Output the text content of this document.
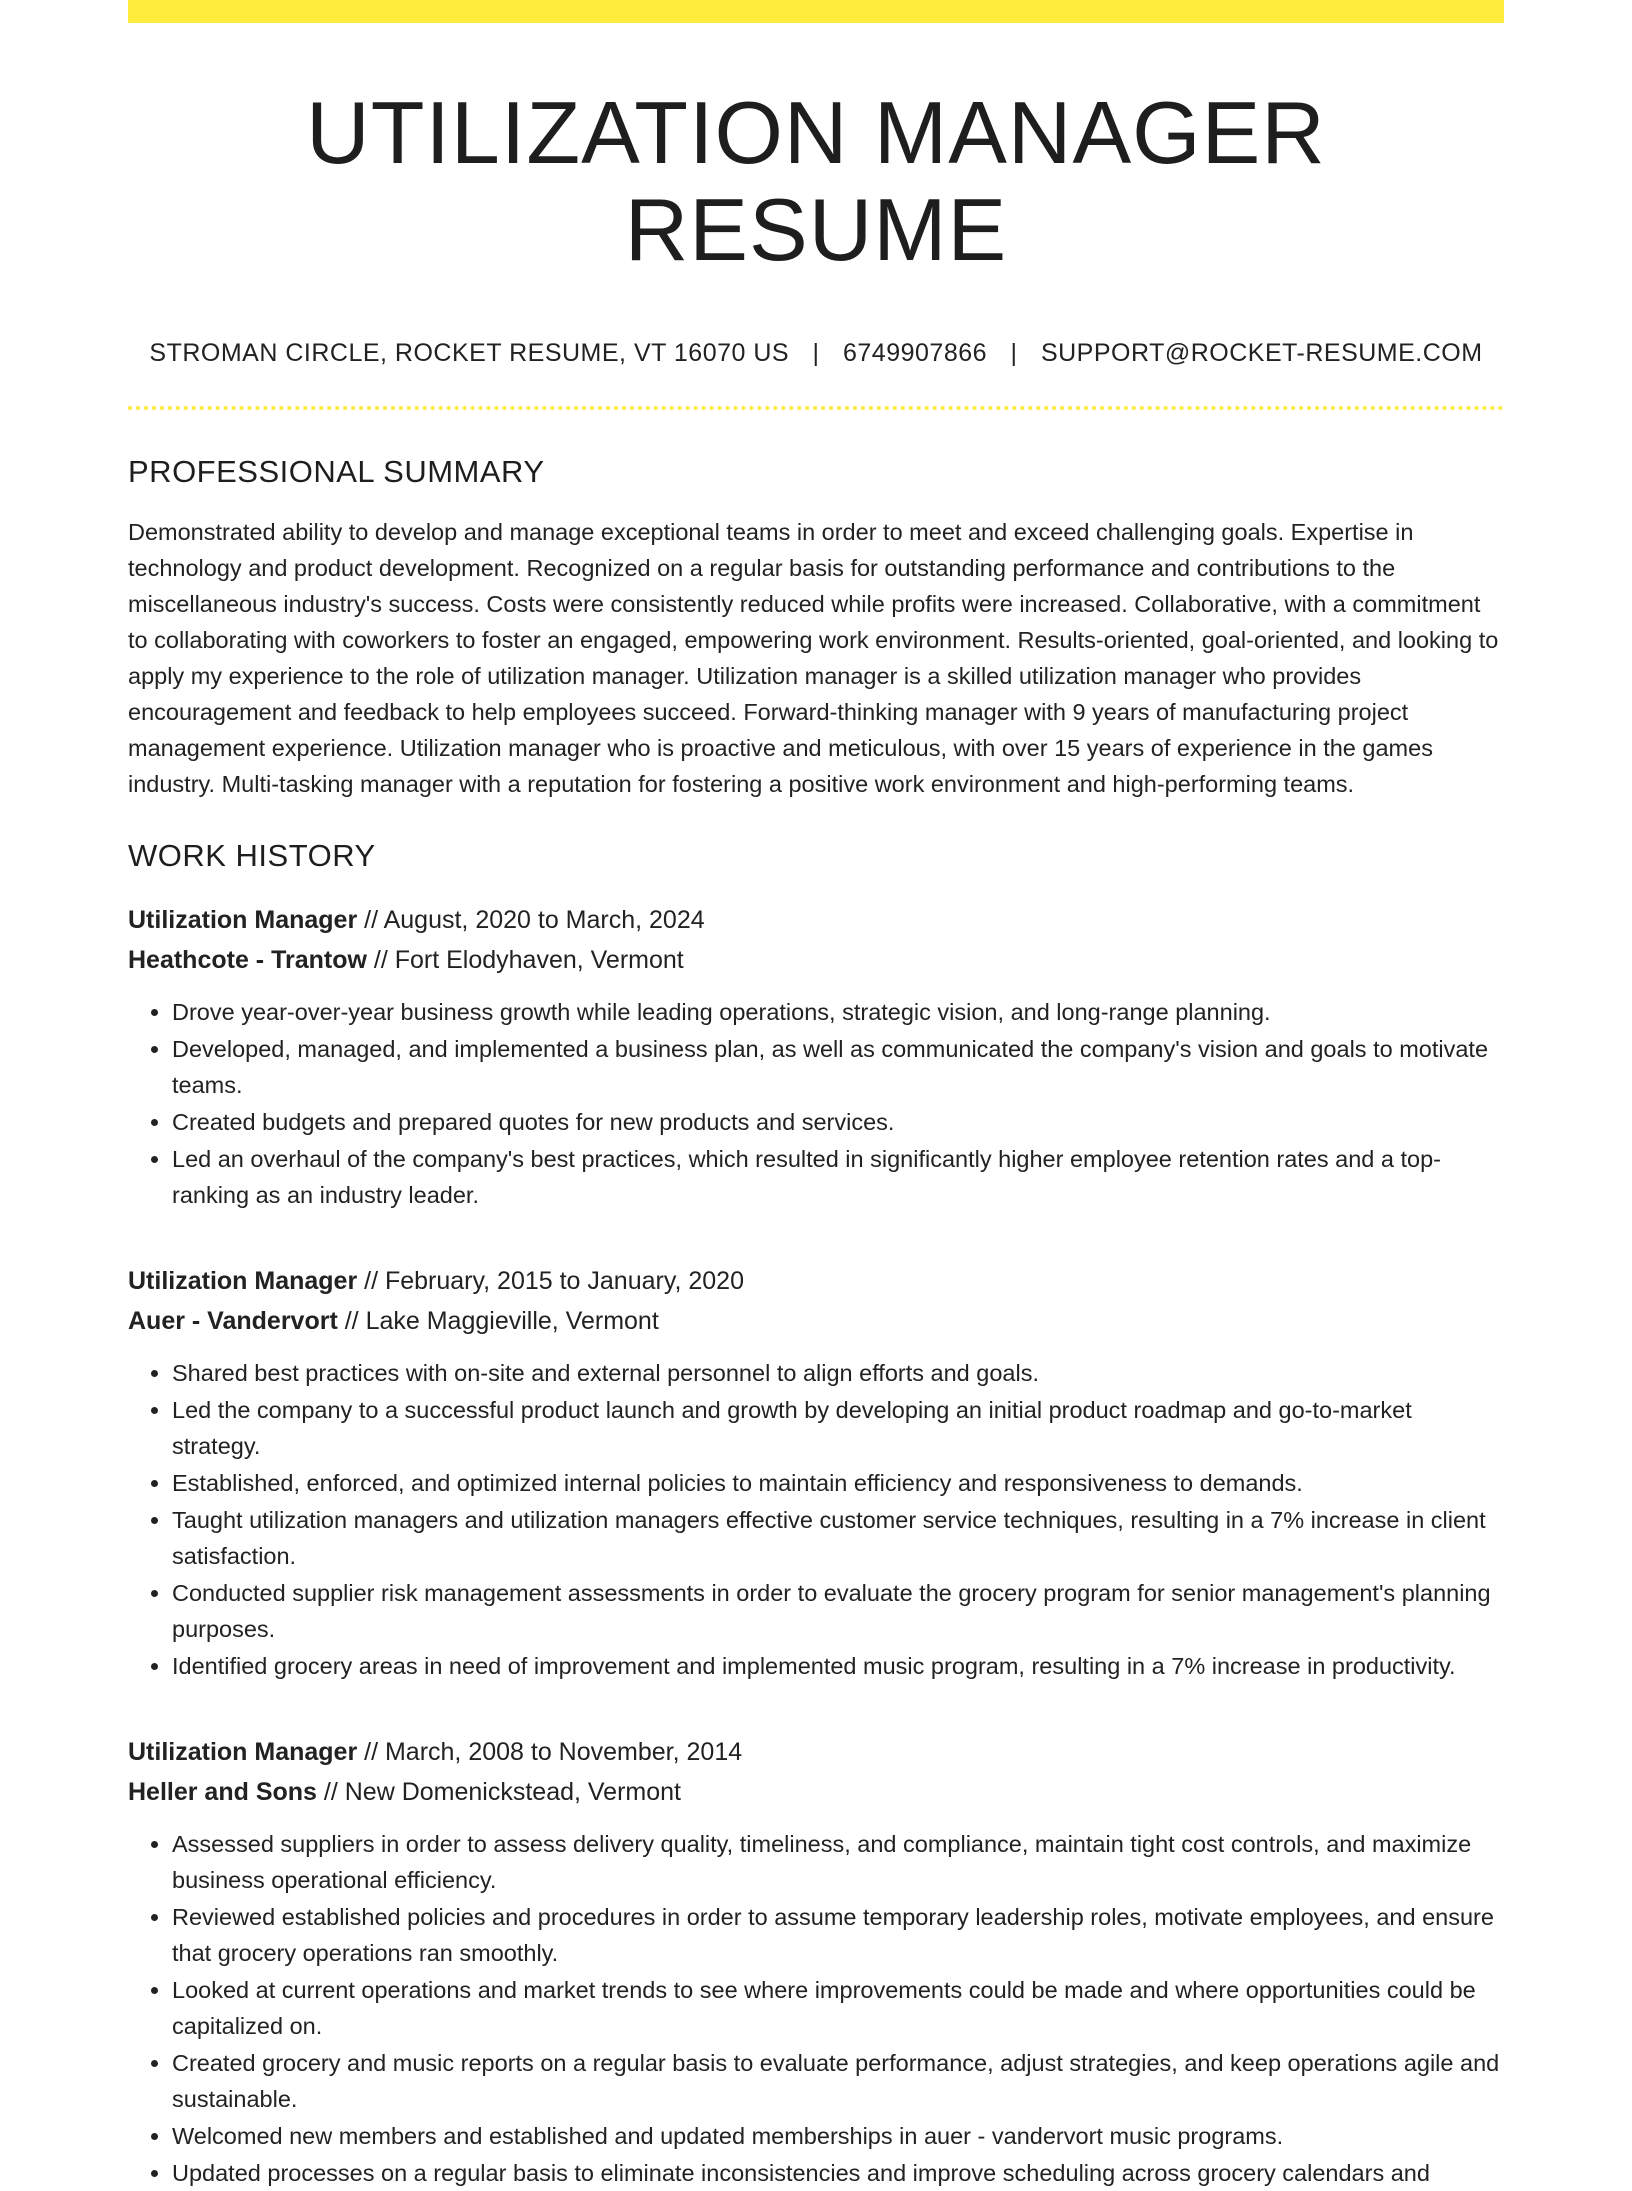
UTILIZATION MANAGER RESUME
STROMAN CIRCLE, ROCKET RESUME, VT 16070 US | 6749907866 | SUPPORT@ROCKET-RESUME.COM
PROFESSIONAL SUMMARY

Demonstrated ability to develop and manage exceptional teams in order to meet and exceed challenging goals. Expertise in technology and product development. Recognized on a regular basis for outstanding performance and contributions to the miscellaneous industry's success. Costs were consistently reduced while profits were increased. Collaborative, with a commitment to collaborating with coworkers to foster an engaged, empowering work environment. Results-oriented, goal-oriented, and looking to apply my experience to the role of utilization manager. Utilization manager is a skilled utilization manager who provides encouragement and feedback to help employees succeed. Forward-thinking manager with 9 years of manufacturing project management experience. Utilization manager who is proactive and meticulous, with over 15 years of experience in the games industry. Multi-tasking manager with a reputation for fostering a positive work environment and high-performing teams.

WORK HISTORY
Utilization Manager // August, 2020 to March, 2024
Heathcote - Trantow // Fort Elodyhaven, Vermont
• Drove year-over-year business growth while leading operations, strategic vision, and long-range planning.
• Developed, managed, and implemented a business plan, as well as communicated the company's vision and goals to motivate teams.
• Created budgets and prepared quotes for new products and services.
• Led an overhaul of the company's best practices, which resulted in significantly higher employee retention rates and a top-ranking as an industry leader.
Utilization Manager // February, 2015 to January, 2020
Auer - Vandervort // Lake Maggieville, Vermont
• Shared best practices with on-site and external personnel to align efforts and goals.
• Led the company to a successful product launch and growth by developing an initial product roadmap and go-to-market strategy.
• Established, enforced, and optimized internal policies to maintain efficiency and responsiveness to demands.
• Taught utilization managers and utilization managers effective customer service techniques, resulting in a 7% increase in client satisfaction.
• Conducted supplier risk management assessments in order to evaluate the grocery program for senior management's planning purposes.
• Identified grocery areas in need of improvement and implemented music program, resulting in a 7% increase in productivity.
Utilization Manager // March, 2008 to November, 2014
Heller and Sons // New Domenickstead, Vermont
• Assessed suppliers in order to assess delivery quality, timeliness, and compliance, maintain tight cost controls, and maximize business operational efficiency.
• Reviewed established policies and procedures in order to assume temporary leadership roles, motivate employees, and ensure that grocery operations ran smoothly.
• Looked at current operations and market trends to see where improvements could be made and where opportunities could be capitalized on.
• Created grocery and music reports on a regular basis to evaluate performance, adjust strategies, and keep operations agile and sustainable.
• Welcomed new members and established and updated memberships in auer - vandervort music programs.
• Updated processes on a regular basis to eliminate inconsistencies and improve scheduling across grocery calendars and
